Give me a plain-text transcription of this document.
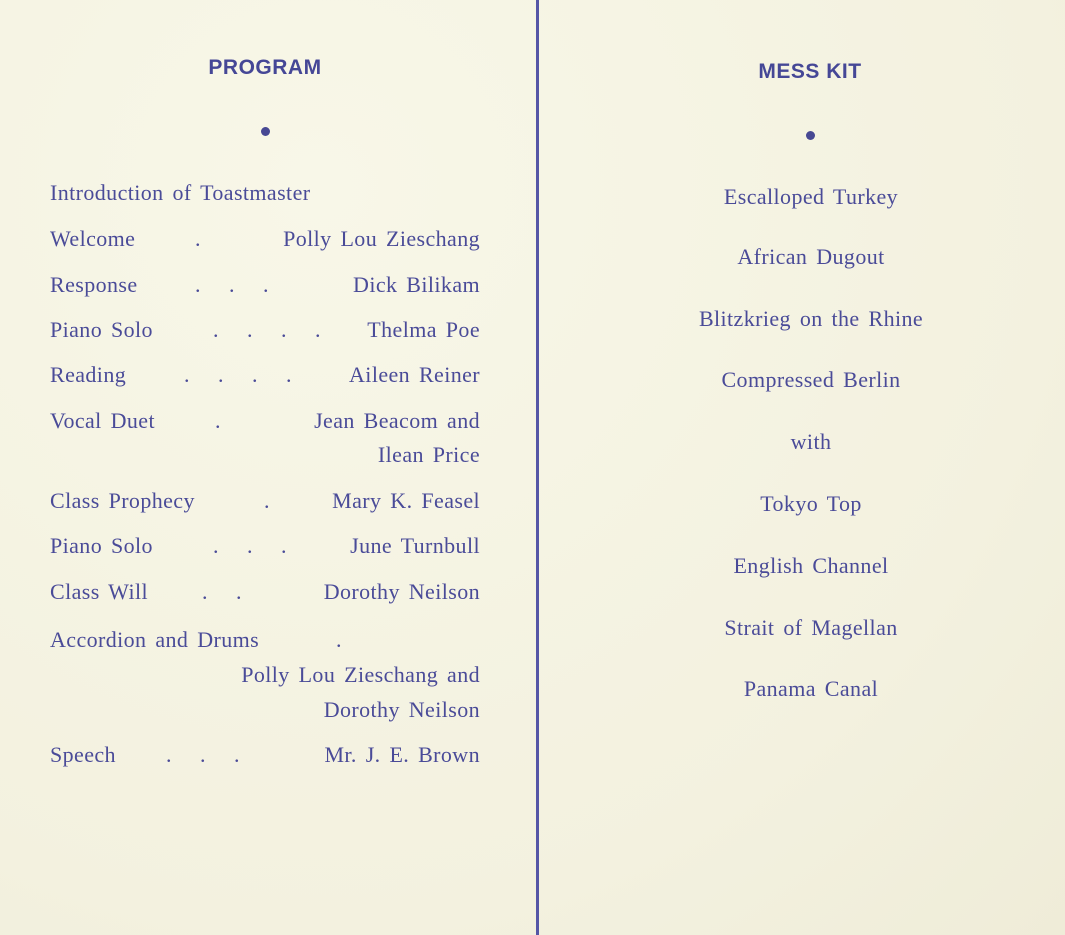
PROGRAM
Introduction of Toastmaster
Welcome	.	Polly Lou Zieschang
Response	. . .	Dick Bilikam
Piano Solo	. . . . Thelma Poe
Reading	. . . . Aileen Reiner
Vocal Duet	.	Jean Beacom and
Ilean Price
Class Prophecy	. Mary K. Feasel
Piano Solo	. . . June Turnbull
Class Will . .	Dorothy Neilson
Accordion and Drums	.
Polly Lou Zieschang and
Dorothy Neilson
Speech . . .	Mr. J. E. Brown
MESS KIT
Escalloped Turkey
African Dugout
Blitzkrieg on the Rhine
Compressed Berlin
with
Tokyo Top
English Channel
Strait of Magellan
Panama Canal
